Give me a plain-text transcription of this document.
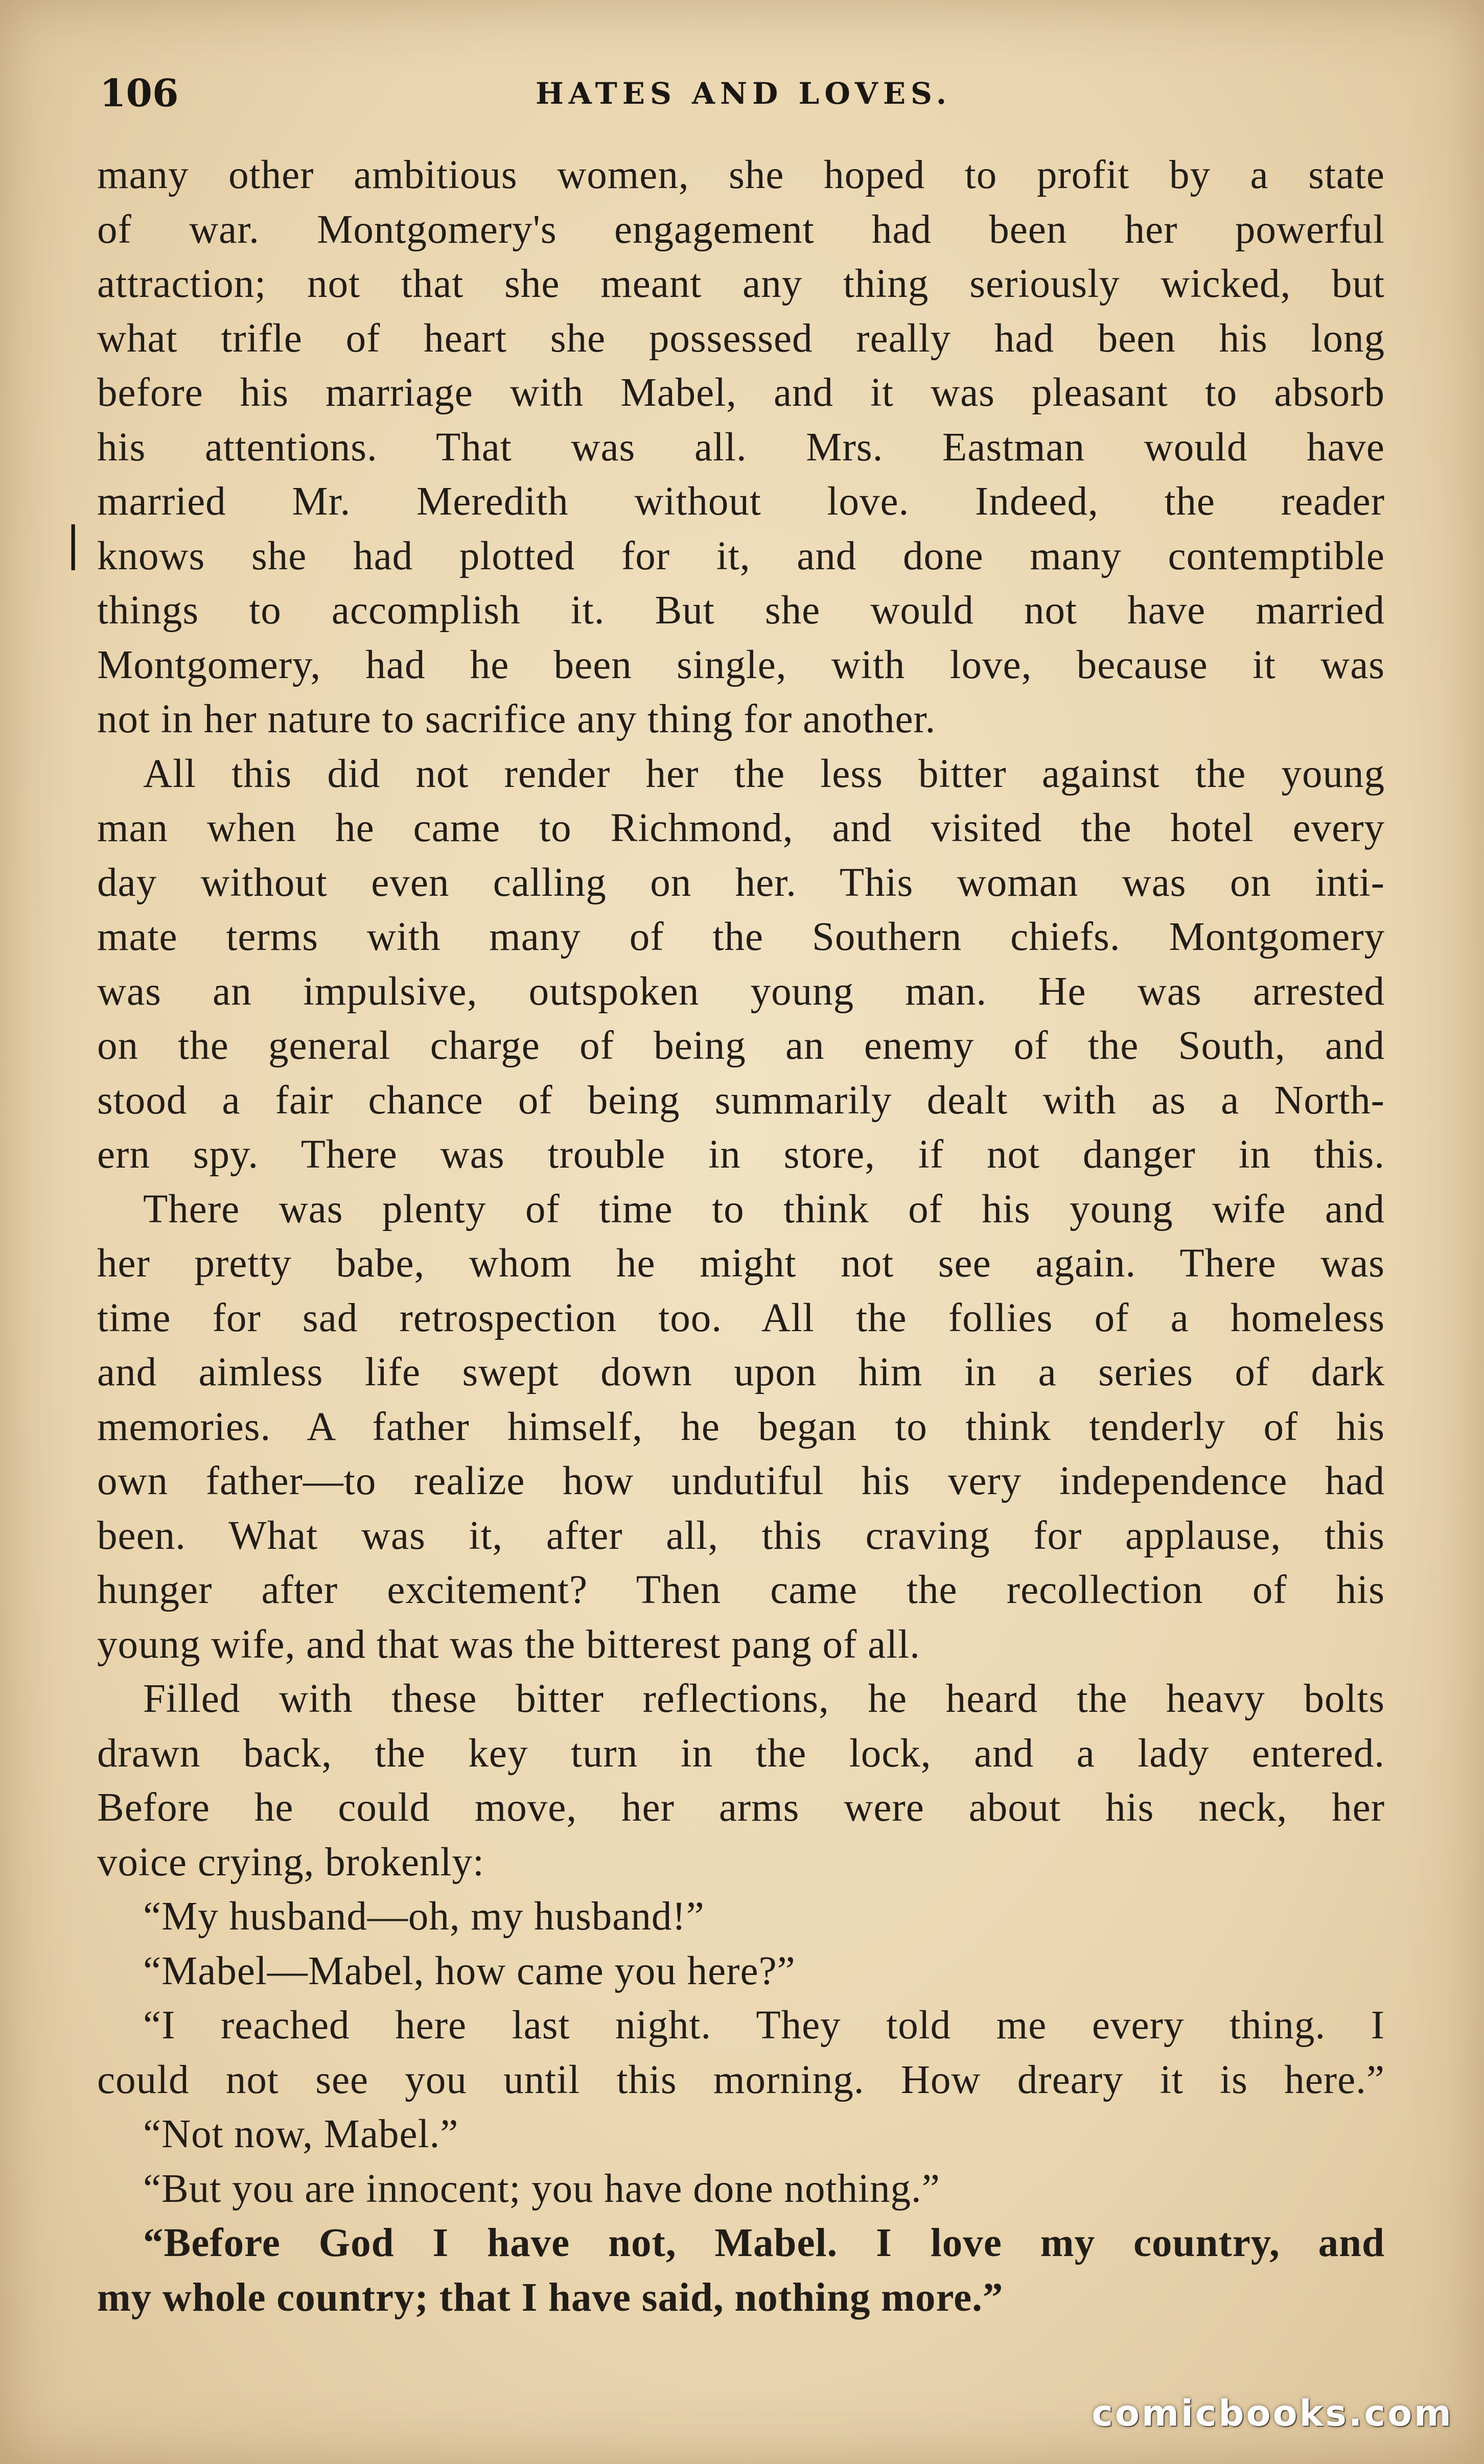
106	HATES AND LOVES.
|
many other ambitious women, she hoped to profit by a state
of war. Montgomery's engagement had been her powerful
attraction; not that she meant any thing seriously wicked, but
what trifle of heart she possessed really had been his long
before his marriage with Mabel, and it was pleasant to absorb
his attentions. That was all. Mrs. Eastman would have
married Mr. Meredith without love. Indeed, the reader
knows she had plotted for it, and done many contemptible
things to accomplish it. But she would not have married
Montgomery, had he been single, with love, because it was
not in her nature to sacrifice any thing for another.
All this did not render her the less bitter against the young
man when he came to Richmond, and visited the hotel every
day without even calling on her. This woman was on inti-
mate terms with many of the Southern chiefs. Montgomery
was an impulsive, outspoken young man. He was arrested
on the general charge of being an enemy of the South, and
stood a fair chance of being summarily dealt with as a North-
ern spy. There was trouble in store, if not danger in this.
There was plenty of time to think of his young wife and
her pretty babe, whom he might not see again. There was
time for sad retrospection too. All the follies of a homeless
and aimless life swept down upon him in a series of dark
memories. A father himself, he began to think tenderly of his
own father—to realize how undutiful his very independence had
been. What was it, after all, this craving for applause, this
hunger after excitement? Then came the recollection of his
young wife, and that was the bitterest pang of all.
Filled with these bitter reflections, he heard the heavy bolts
drawn back, the key turn in the lock, and a lady entered.
Before he could move, her arms were about his neck, her
voice crying, brokenly:
“My husband—oh, my husband!”
“Mabel—Mabel, how came you here?”
“I reached here last night. They told me every thing. I
could not see you until this morning. How dreary it is here.”
“Not now, Mabel.”
“But you are innocent; you have done nothing.”
“Before God I have not, Mabel. I love my country, and
my whole country; that I have said, nothing more.”
comicbooks.com
